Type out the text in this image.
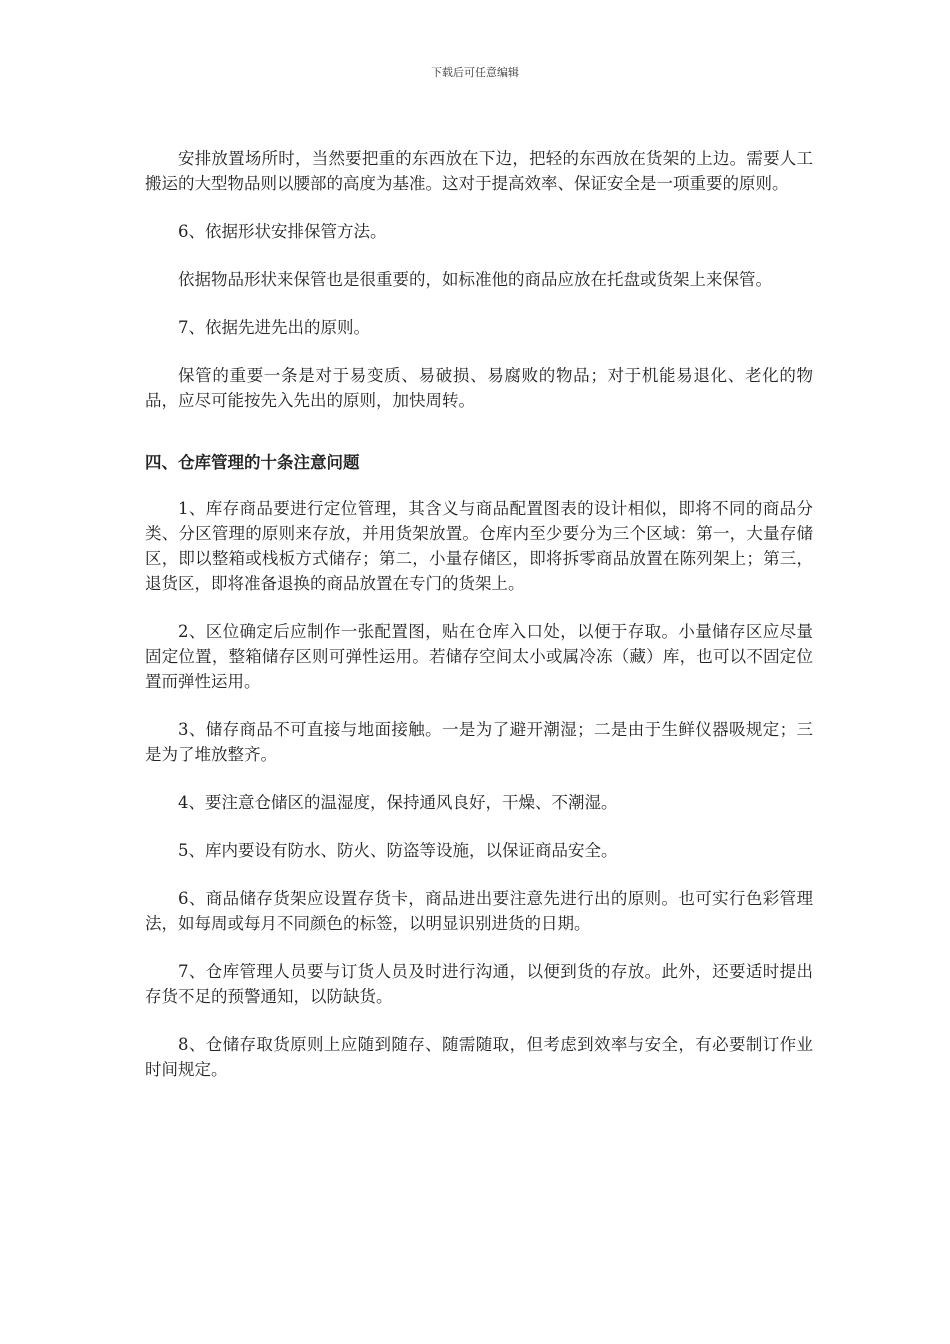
下载后可任意编辑

安排放置场所时，当然要把重的东西放在下边，把轻的东西放在货架的上边。需要人工搬运的大型物品则以腰部的高度为基准。这对于提高效率、保证安全是一项重要的原则。

6、依据形状安排保管方法。

依据物品形状来保管也是很重要的，如标准他的商品应放在托盘或货架上来保管。

7、依据先进先出的原则。

保管的重要一条是对于易变质、易破损、易腐败的物品；对于机能易退化、老化的物品，应尽可能按先入先出的原则，加快周转。

四、仓库管理的十条注意问题

1、库存商品要进行定位管理，其含义与商品配置图表的设计相似，即将不同的商品分类、分区管理的原则来存放，并用货架放置。仓库内至少要分为三个区域：第一，大量存储区，即以整箱或栈板方式储存；第二，小量存储区，即将拆零商品放置在陈列架上；第三，退货区，即将准备退换的商品放置在专门的货架上。

2、区位确定后应制作一张配置图，贴在仓库入口处，以便于存取。小量储存区应尽量固定位置，整箱储存区则可弹性运用。若储存空间太小或属冷冻（藏）库，也可以不固定位置而弹性运用。

3、储存商品不可直接与地面接触。一是为了避开潮湿；二是由于生鲜仪器吸规定；三是为了堆放整齐。

4、要注意仓储区的温湿度，保持通风良好，干燥、不潮湿。

5、库内要设有防水、防火、防盗等设施，以保证商品安全。

6、商品储存货架应设置存货卡，商品进出要注意先进行出的原则。也可实行色彩管理法，如每周或每月不同颜色的标签，以明显识别进货的日期。

7、仓库管理人员要与订货人员及时进行沟通，以便到货的存放。此外，还要适时提出存货不足的预警通知，以防缺货。

8、仓储存取货原则上应随到随存、随需随取，但考虑到效率与安全，有必要制订作业时间规定。
